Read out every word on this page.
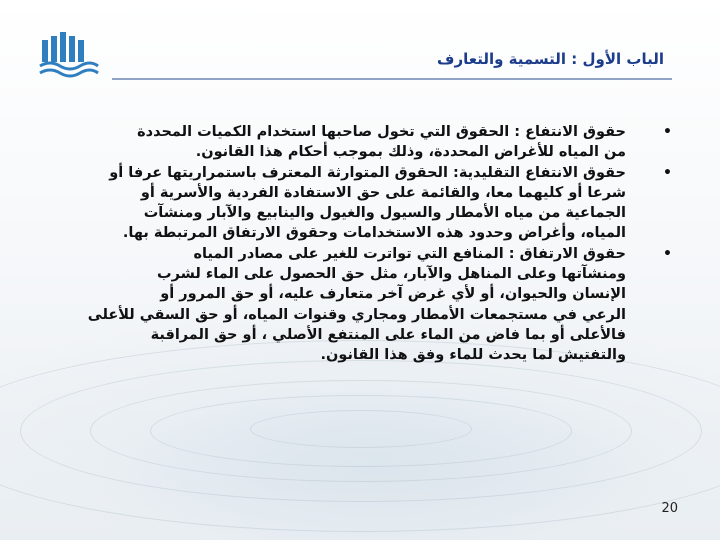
الباب الأول : التسمية والتعارف
•
حقوق الانتفاع : الحقوق التي تخول صاحبها استخدام الكميات المحددة
من المياه للأغراض المحددة، وذلك بموجب أحكام هذا القانون.
•
حقوق الانتفاع التقليدية: الحقوق المتوارثة المعترف باستمراريتها عرفا أو
شرعا أو كليهما معا، والقائمة على حق الاستفادة الفردية والأسرية أو
الجماعية من مياه الأمطار والسيول والغيول والينابيع والآبار ومنشآت
المياه، وأغراض وحدود هذه الاستخدامات وحقوق الارتفاق المرتبطة بها.
•
حقوق الارتفاق : المنافع التي تواترت للغير على مصادر المياه
ومنشآتها وعلى المناهل والآبار، مثل حق الحصول على الماء لشرب
الإنسان والحيوان، أو لأي غرض آخر متعارف عليه، أو حق المرور أو
الرعي في مستجمعات الأمطار ومجاري وقنوات المياه، أو حق السقي للأعلى
فالأعلى أو بما فاض من الماء على المنتفع الأصلي ، أو حق المراقبة
والتفتيش لما يحدث للماء وفق هذا القانون.
20
